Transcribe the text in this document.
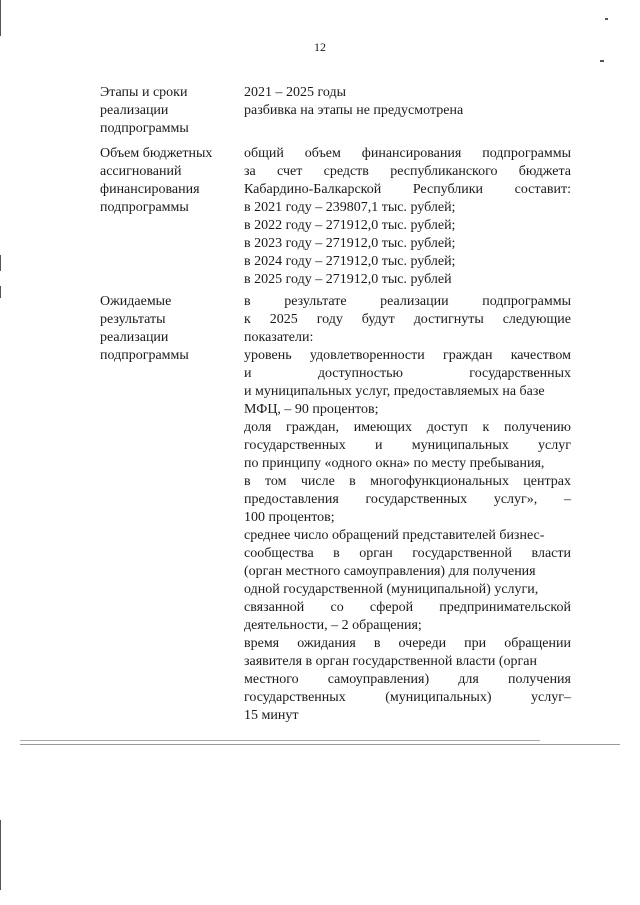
12
Этапы и сроки
реализации
подпрограммы
2021 – 2025 годы
разбивка на этапы не предусмотрена
Объем бюджетных
ассигнований
финансирования
подпрограммы
общий объем финансирования подпрограммы
за счет средств республиканского бюджета
Кабардино-Балкарской Республики составит:
в 2021 году – 239807,1 тыс. рублей;
в 2022 году – 271912,0 тыс. рублей;
в 2023 году – 271912,0 тыс. рублей;
в 2024 году – 271912,0 тыс. рублей;
в 2025 году – 271912,0 тыс. рублей
Ожидаемые
результаты
реализации
подпрограммы
в результате реализации подпрограммы
к 2025 году будут достигнуты следующие
показатели:
уровень удовлетворенности граждан качеством
и доступностью государственных
и муниципальных услуг, предоставляемых на базе
МФЦ, – 90 процентов;
доля граждан, имеющих доступ к получению
государственных и муниципальных услуг
по принципу «одного окна» по месту пребывания,
в том числе в многофункциональных центрах
предоставления государственных услуг», –
100 процентов;
среднее число обращений представителей бизнес-
сообщества в орган государственной власти
(орган местного самоуправления) для получения
одной государственной (муниципальной) услуги,
связанной со сферой предпринимательской
деятельности, – 2 обращения;
время ожидания в очереди при обращении
заявителя в орган государственной власти (орган
местного самоуправления) для получения
государственных (муниципальных) услуг–
15 минут
